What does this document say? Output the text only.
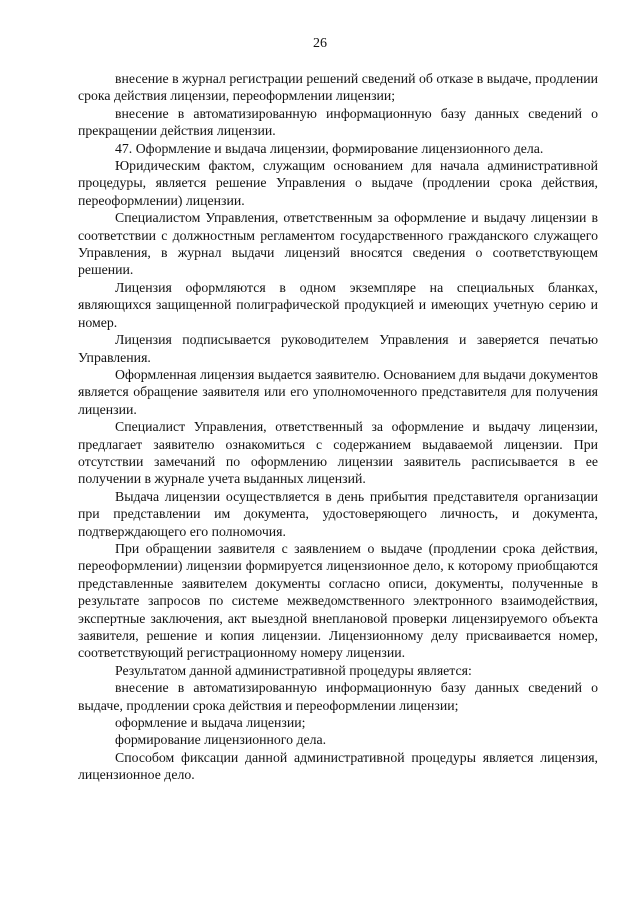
26

внесение в журнал регистрации решений сведений об отказе в выдаче, продлении срока действия лицензии, переоформлении лицензии;

внесение в автоматизированную информационную базу данных сведений о прекращении действия лицензии.

47. Оформление и выдача лицензии, формирование лицензионного дела.

Юридическим фактом, служащим основанием для начала административной процедуры, является решение Управления о выдаче (продлении срока действия, переоформлении) лицензии.

Специалистом Управления, ответственным за оформление и выдачу лицензии в соответствии с должностным регламентом государственного гражданского служащего Управления, в журнал выдачи лицензий вносятся сведения о соответствующем решении.

Лицензия оформляются в одном экземпляре на специальных бланках, являющихся защищенной полиграфической продукцией и имеющих учетную серию и номер.

Лицензия подписывается руководителем Управления и заверяется печатью Управления.

Оформленная лицензия выдается заявителю. Основанием для выдачи документов является обращение заявителя или его уполномоченного представителя для получения лицензии.

Специалист Управления, ответственный за оформление и выдачу лицензии, предлагает заявителю ознакомиться с содержанием выдаваемой лицензии. При отсутствии замечаний по оформлению лицензии заявитель расписывается в ее получении в журнале учета выданных лицензий.

Выдача лицензии осуществляется в день прибытия представителя организации при представлении им документа, удостоверяющего личность, и документа, подтверждающего его полномочия.

При обращении заявителя с заявлением о выдаче (продлении срока действия, переоформлении) лицензии формируется лицензионное дело, к которому приобщаются представленные заявителем документы согласно описи, документы, полученные в результате запросов по системе межведомственного электронного взаимодействия, экспертные заключения, акт выездной внеплановой проверки лицензируемого объекта заявителя, решение и копия лицензии. Лицензионному делу присваивается номер, соответствующий регистрационному номеру лицензии.

Результатом данной административной процедуры является:

внесение в автоматизированную информационную базу данных сведений о выдаче, продлении срока действия и переоформлении лицензии;

оформление и выдача лицензии;

формирование лицензионного дела.

Способом фиксации данной административной процедуры является лицензия, лицензионное дело.
